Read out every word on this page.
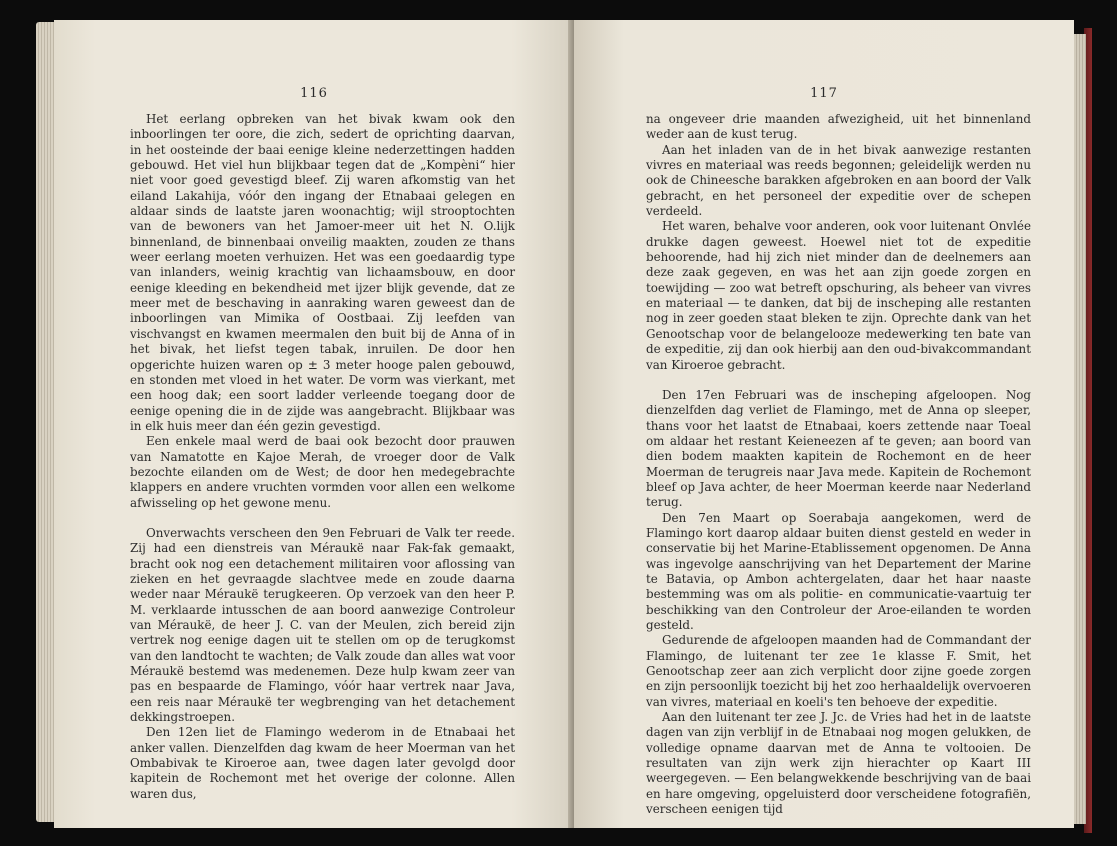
116

Het eerlang opbreken van het bivak kwam ook den inboorlingen ter oore, die zich, sedert de oprichting daarvan, in het oosteinde der baai eenige kleine nederzettingen hadden gebouwd. Het viel hun blijkbaar tegen dat de „Kompèni“ hier niet voor goed gevestigd bleef. Zij waren afkomstig van het eiland Lakahija, vóór den ingang der Etnabaai gelegen en aldaar sinds de laatste jaren woonachtig; wijl strooptochten van de bewoners van het Jamoer-meer uit het N. O.lijk binnenland, de binnenbaai onveilig maakten, zouden ze thans weer eerlang moeten verhuizen. Het was een goedaardig type van inlanders, weinig krachtig van lichaamsbouw, en door eenige kleeding en bekendheid met ijzer blijk gevende, dat ze meer met de beschaving in aanraking waren geweest dan de inboorlingen van Mimika of Oostbaai. Zij leefden van vischvangst en kwamen meermalen den buit bij de Anna of in het bivak, het liefst tegen tabak, inruilen. De door hen opgerichte huizen waren op ± 3 meter hooge palen gebouwd, en stonden met vloed in het water. De vorm was vierkant, met een hoog dak; een soort ladder verleende toegang door de eenige opening die in de zijde was aangebracht. Blijkbaar was in elk huis meer dan één gezin gevestigd.

Een enkele maal werd de baai ook bezocht door prauwen van Namatotte en Kajoe Merah, de vroeger door de Valk bezochte eilanden om de West; de door hen medegebrachte klappers en andere vruchten vormden voor allen een welkome afwisseling op het gewone menu.

Onverwachts verscheen den 9en Februari de Valk ter reede. Zij had een dienstreis van Méraukë naar Fak-fak gemaakt, bracht ook nog een detachement militairen voor aflossing van zieken en het gevraagde slachtvee mede en zoude daarna weder naar Méraukë terugkeeren. Op verzoek van den heer P. M. verklaarde intusschen de aan boord aanwezige Controleur van Méraukë, de heer J. C. van der Meulen, zich bereid zijn vertrek nog eenige dagen uit te stellen om op de terugkomst van den landtocht te wachten; de Valk zoude dan alles wat voor Méraukë bestemd was medenemen. Deze hulp kwam zeer van pas en bespaarde de Flamingo, vóór haar vertrek naar Java, een reis naar Méraukë ter wegbrenging van het detachement dekkingstroepen.

Den 12en liet de Flamingo wederom in de Etnabaai het anker vallen. Dienzelfden dag kwam de heer Moerman van het Ombabivak te Kiroeroe aan, twee dagen later gevolgd door kapitein de Rochemont met het overige der colonne. Allen waren dus,

117

na ongeveer drie maanden afwezigheid, uit het binnenland weder aan de kust terug.

Aan het inladen van de in het bivak aanwezige restanten vivres en materiaal was reeds begonnen; geleidelijk werden nu ook de Chineesche barakken afgebroken en aan boord der Valk gebracht, en het personeel der expeditie over de schepen verdeeld.

Het waren, behalve voor anderen, ook voor luitenant Onvlée drukke dagen geweest. Hoewel niet tot de expeditie behoorende, had hij zich niet minder dan de deelnemers aan deze zaak gegeven, en was het aan zijn goede zorgen en toewijding — zoo wat betreft opschuring, als beheer van vivres en materiaal — te danken, dat bij de inscheping alle restanten nog in zeer goeden staat bleken te zijn. Oprechte dank van het Genootschap voor de belangelooze medewerking ten bate van de expeditie, zij dan ook hierbij aan den oud-bivakcommandant van Kiroeroe gebracht.

Den 17en Februari was de inscheping afgeloopen. Nog dienzelfden dag verliet de Flamingo, met de Anna op sleeper, thans voor het laatst de Etnabaai, koers zettende naar Toeal om aldaar het restant Keieneezen af te geven; aan boord van dien bodem maakten kapitein de Rochemont en de heer Moerman de terugreis naar Java mede. Kapitein de Rochemont bleef op Java achter, de heer Moerman keerde naar Nederland terug.

Den 7en Maart op Soerabaja aangekomen, werd de Flamingo kort daarop aldaar buiten dienst gesteld en weder in conservatie bij het Marine-Etablissement opgenomen. De Anna was ingevolge aanschrijving van het Departement der Marine te Batavia, op Ambon achtergelaten, daar het haar naaste bestemming was om als politie- en communicatie-vaartuig ter beschikking van den Controleur der Aroe-eilanden te worden gesteld.

Gedurende de afgeloopen maanden had de Commandant der Flamingo, de luitenant ter zee 1e klasse F. Smit, het Genootschap zeer aan zich verplicht door zijne goede zorgen en zijn persoonlijk toezicht bij het zoo herhaaldelijk overvoeren van vivres, materiaal en koeli's ten behoeve der expeditie.

Aan den luitenant ter zee J. Jc. de Vries had het in de laatste dagen van zijn verblijf in de Etnabaai nog mogen gelukken, de volledige opname daarvan met de Anna te voltooien. De resultaten van zijn werk zijn hierachter op Kaart III weergegeven. — Een belangwekkende beschrijving van de baai en hare omgeving, opgeluisterd door verscheidene fotografiën, verscheen eenigen tijd
